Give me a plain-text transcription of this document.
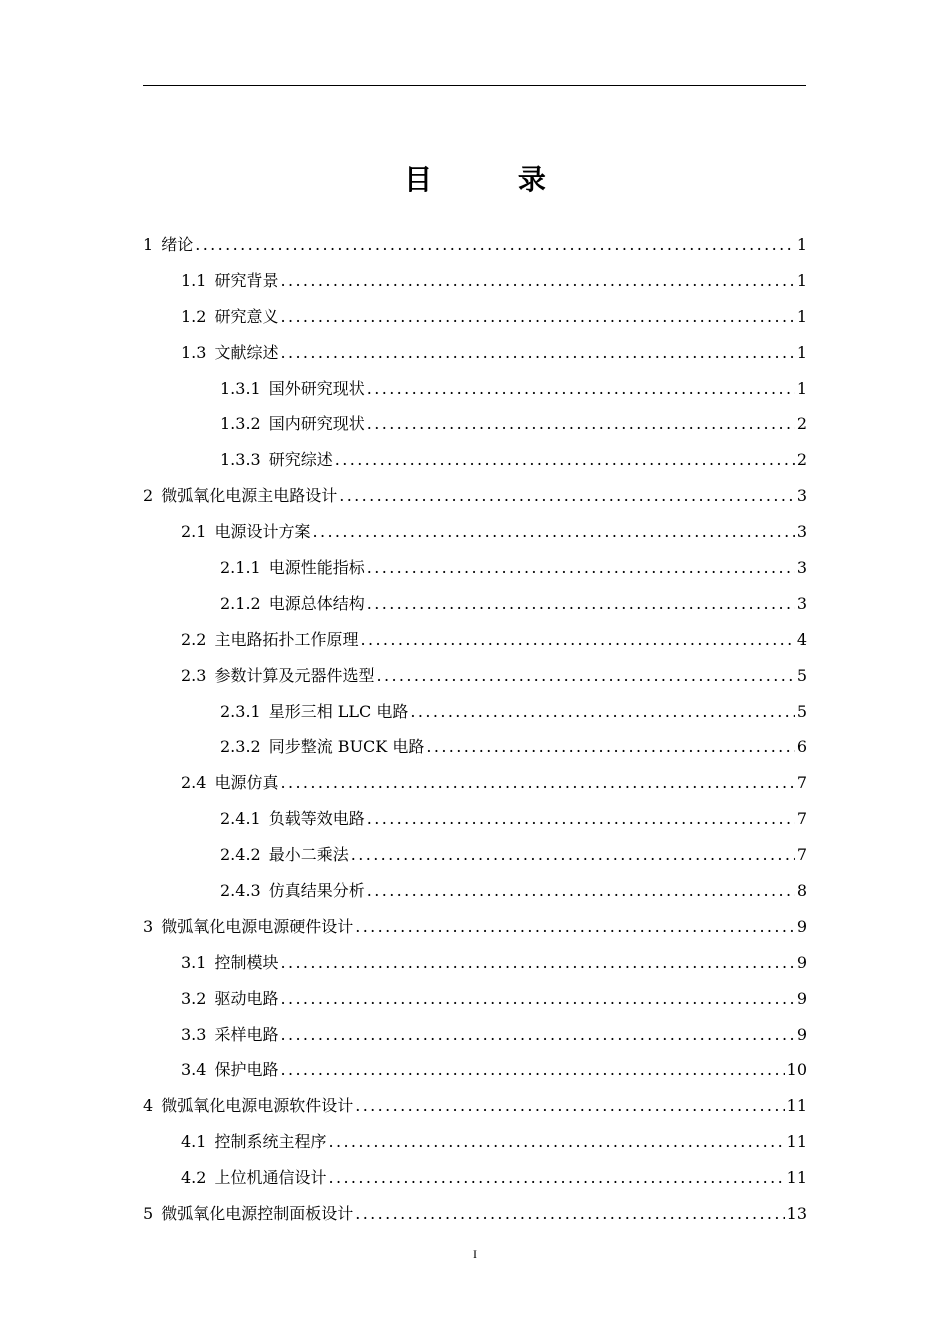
目 录
1 绪论 .....	1
1.1 研究背景 .....	1
1.2 研究意义 .....	1
1.3 文献综述 .....	1
1.3.1 国外研究现状 .....	1
1.3.2 国内研究现状 .....	2
1.3.3 研究综述 .....	2
2 微弧氧化电源主电路设计 .....	3
2.1 电源设计方案 .....	3
2.1.1 电源性能指标 .....	3
2.1.2 电源总体结构 .....	3
2.2 主电路拓扑工作原理 .....	4
2.3 参数计算及元器件选型 .....	5
2.3.1 星形三相 LLC 电路 .....	5
2.3.2 同步整流 BUCK 电路 .....	6
2.4 电源仿真 .....	7
2.4.1 负载等效电路 .....	7
2.4.2 最小二乘法 .....	7
2.4.3 仿真结果分析 .....	8
3 微弧氧化电源电源硬件设计 .....	9
3.1 控制模块 .....	9
3.2 驱动电路 .....	9
3.3 采样电路 .....	9
3.4 保护电路 .....	10
4 微弧氧化电源电源软件设计 .....	11
4.1 控制系统主程序 .....	11
4.2 上位机通信设计 .....	11
5 微弧氧化电源控制面板设计 .....	13
I
